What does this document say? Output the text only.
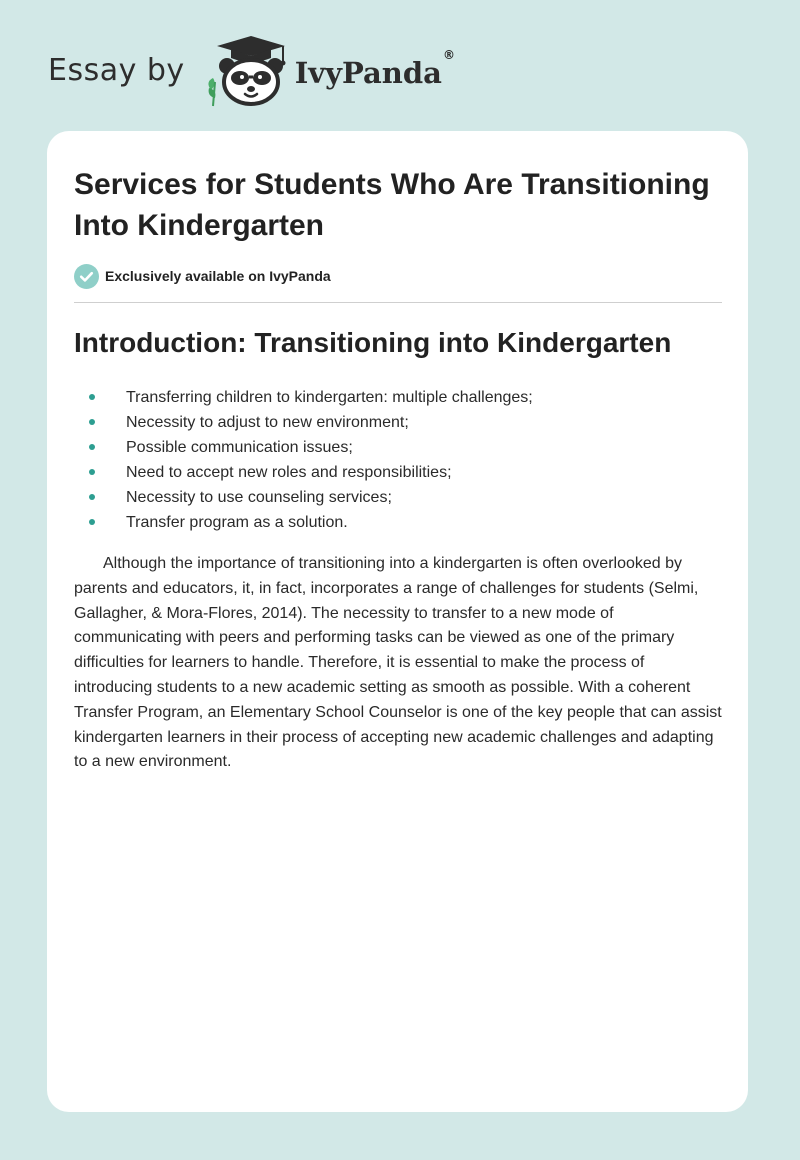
Essay by	IvyPanda®
Services for Students Who Are Transitioning Into Kindergarten
Exclusively available on IvyPanda
Introduction: Transitioning into Kindergarten
Transferring children to kindergarten: multiple challenges;
Necessity to adjust to new environment;
Possible communication issues;
Need to accept new roles and responsibilities;
Necessity to use counseling services;
Transfer program as a solution.

Although the importance of transitioning into a kindergarten is often overlooked by parents and educators, it, in fact, incorporates a range of challenges for students (Selmi, Gallagher, & Mora-Flores, 2014). The necessity to transfer to a new mode of communicating with peers and performing tasks can be viewed as one of the primary difficulties for learners to handle. Therefore, it is essential to make the process of introducing students to a new academic setting as smooth as possible. With a coherent Transfer Program, an Elementary School Counselor is one of the key people that can assist kindergarten learners in their process of accepting new academic challenges and adapting to a new environment.
